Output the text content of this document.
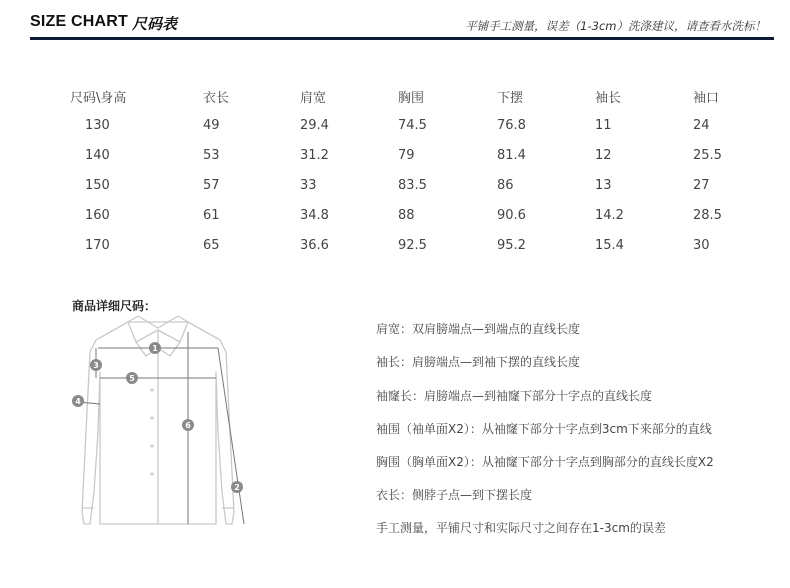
SIZE CHART 尺码表	平铺手工测量，误差（1-3cm）洗涤建议，请查看水洗标！
尺码\身高	衣长	肩宽	胸围	下摆	袖长	袖口
130	49	29.4	74.5	76.8	11	24
140	53	31.2	79	81.4	12	25.5
150	57	33	83.5	86	13	27
160	61	34.8	88	90.6	14.2	28.5
170	65	36.6	92.5	95.2	15.4	30
商品详细尺码：
1
2
3
4
5
6
肩宽：双肩膀端点—到端点的直线长度
袖长：肩膀端点—到袖下摆的直线长度
袖窿长：肩膀端点—到袖窿下部分十字点的直线长度
袖围（袖单面X2）：从袖窿下部分十字点到3cm下来部分的直线
胸围（胸单面X2）：从袖窿下部分十字点到胸部分的直线长度X2
衣长：侧脖子点—到下摆长度
手工测量，平铺尺寸和实际尺寸之间存在1-3cm的误差
